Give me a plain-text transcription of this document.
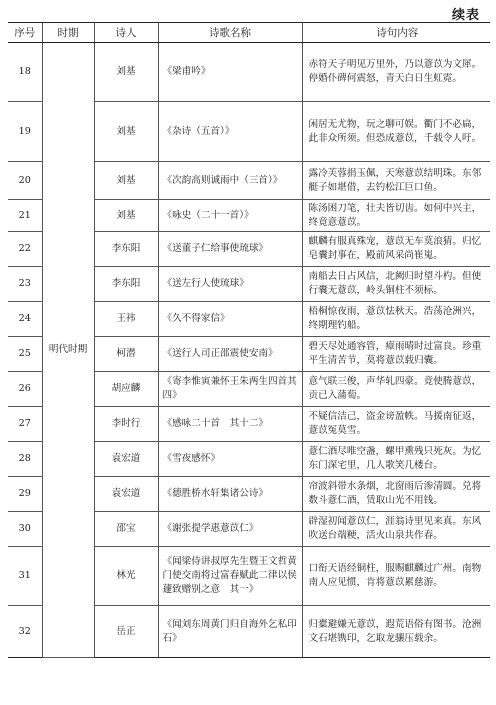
续表
序号	时期	诗人	诗歌名称	诗句内容
18	明代时期	刘基	《梁甫吟》	赤符天子明见万里外，乃以薏苡为文犀。停婚仆碑何震怒，青天白日生虹霓。
19		刘基	《杂诗（五首）》	闲居无尤物，玩之聊可娱。衢门不必扁，此非众所须。但恐成薏苡，千载令人吁。
20		刘基	《次韵高则诚雨中（三首）》	露冷芙蓉捐玉佩，天寒薏苡结明珠。东邻艇子如堪借，去钓松江巨口鱼。
21		刘基	《咏史（二十一首）》	陈汤困刀笔，壮夫皆切齿。如何中兴主，终竟意薏苡。
22		李东阳	《送董子仁给事使琉球》	麒麟有服真殊宠，薏苡无车莫浪猜。归忆皂囊封事在，殿前风采尚崔嵬。
23		李东阳	《送左行人使琉球》	南船去日占风信，北阙归时望斗杓。但使行囊无薏苡，岭头铜柱不须标。
24		王祎	《久不得家信》	梧桐惊夜雨，薏苡怯秋天。浩荡沧洲兴，终期理钓船。
25		柯潜	《送行人司正邵震使安南》	碧天尽处通容管，瘴雨晴时过富良。珍重平生清苦节，莫将薏苡载归囊。
26		胡应麟	《寄李惟寅兼怀王朱两生四首其四》	意气联三俊，声华轧四豪。竟使腾薏苡，贡已入蒲萄。
27		李时行	《感咏二十首　其十二》	不疑信洁己，盗金谤盈帙。马援南征返，薏苡冤莫雪。
28		袁宏道	《雪夜感怀》	薏仁酒尽唯空盏，螺甲熏残只死灰。为忆东门深宅里，几人歌笑几楼台。
29		袁宏道	《德胜桥水轩集诸公诗》	帘波斜带水条烟，北窗雨后渗清圆。兑将数斗薏仁酒，赁取山光不用钱。
30		邵宝	《谢张提学惠薏苡仁》	辟湿初闻薏苡仁，涯翁诗里见来真。东风吹送台端粳，活火山泉共作春。
31		林光	《闻梁侍讲叔厚先生暨王文哲黄门使交南将过富春赋此二律以侯蘧致赠别之意　其一》	口衔天语经铜柱，服赐麒麟过广州。南物南人应见惯，肯将薏苡累慈游。
32		岳正	《闻刘东周黄门归自海外乞私印石》	归橐避嫌无薏苡，遐荒语俗有图书。沧洲文石堪镌印，乞取龙骧压载余。
